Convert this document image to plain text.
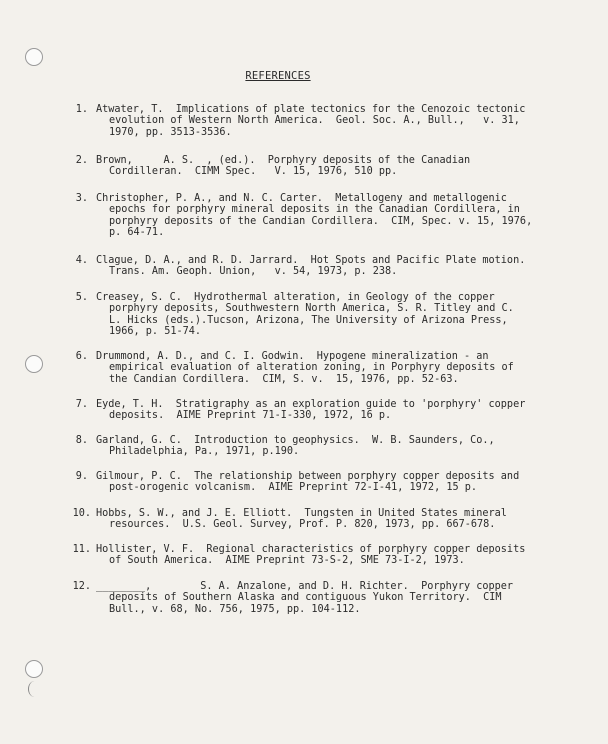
REFERENCES
1. Atwater, T.  Implications of plate tectonics for the Cenozoic tectonic
evolution of Western North America.  Geol. Soc. A., Bull.,   v. 31,
1970, pp. 3513-3536.
2. Brown,     A. S.  , (ed.).  Porphyry deposits of the Canadian
Cordilleran.  CIMM Spec.   V. 15, 1976, 510 pp.
3. Christopher, P. A., and N. C. Carter.  Metallogeny and metallogenic
epochs for porphyry mineral deposits in the Canadian Cordillera, in
porphyry deposits of the Candian Cordillera.  CIM, Spec. v. 15, 1976,
p. 64-71.
4. Clague, D. A., and R. D. Jarrard.  Hot Spots and Pacific Plate motion.
Trans. Am. Geoph. Union,   v. 54, 1973, p. 238.
5. Creasey, S. C.  Hydrothermal alteration, in Geology of the copper
porphyry deposits, Southwestern North America, S. R. Titley and C.
L. Hicks (eds.).Tucson, Arizona, The University of Arizona Press,
1966, p. 51-74.
6. Drummond, A. D., and C. I. Godwin.  Hypogene mineralization - an
empirical evaluation of alteration zoning, in Porphyry deposits of
the Candian Cordillera.  CIM, S. v.  15, 1976, pp. 52-63.
7. Eyde, T. H.  Stratigraphy as an exploration guide to 'porphyry' copper
deposits.  AIME Preprint 71-I-330, 1972, 16 p.
8. Garland, G. C.  Introduction to geophysics.  W. B. Saunders, Co.,
Philadelphia, Pa., 1971, p.190.
9. Gilmour, P. C.  The relationship between porphyry copper deposits and
post-orogenic volcanism.  AIME Preprint 72-I-41, 1972, 15 p.
10. Hobbs, S. W., and J. E. Elliott.  Tungsten in United States mineral
resources.  U.S. Geol. Survey, Prof. P. 820, 1973, pp. 667-678.
11. Hollister, V. F.  Regional characteristics of porphyry copper deposits
of South America.  AIME Preprint 73-S-2, SME 73-I-2, 1973.
12. ________,        S. A. Anzalone, and D. H. Richter.  Porphyry copper
deposits of Southern Alaska and contiguous Yukon Territory.  CIM
Bull., v. 68, No. 756, 1975, pp. 104-112.
